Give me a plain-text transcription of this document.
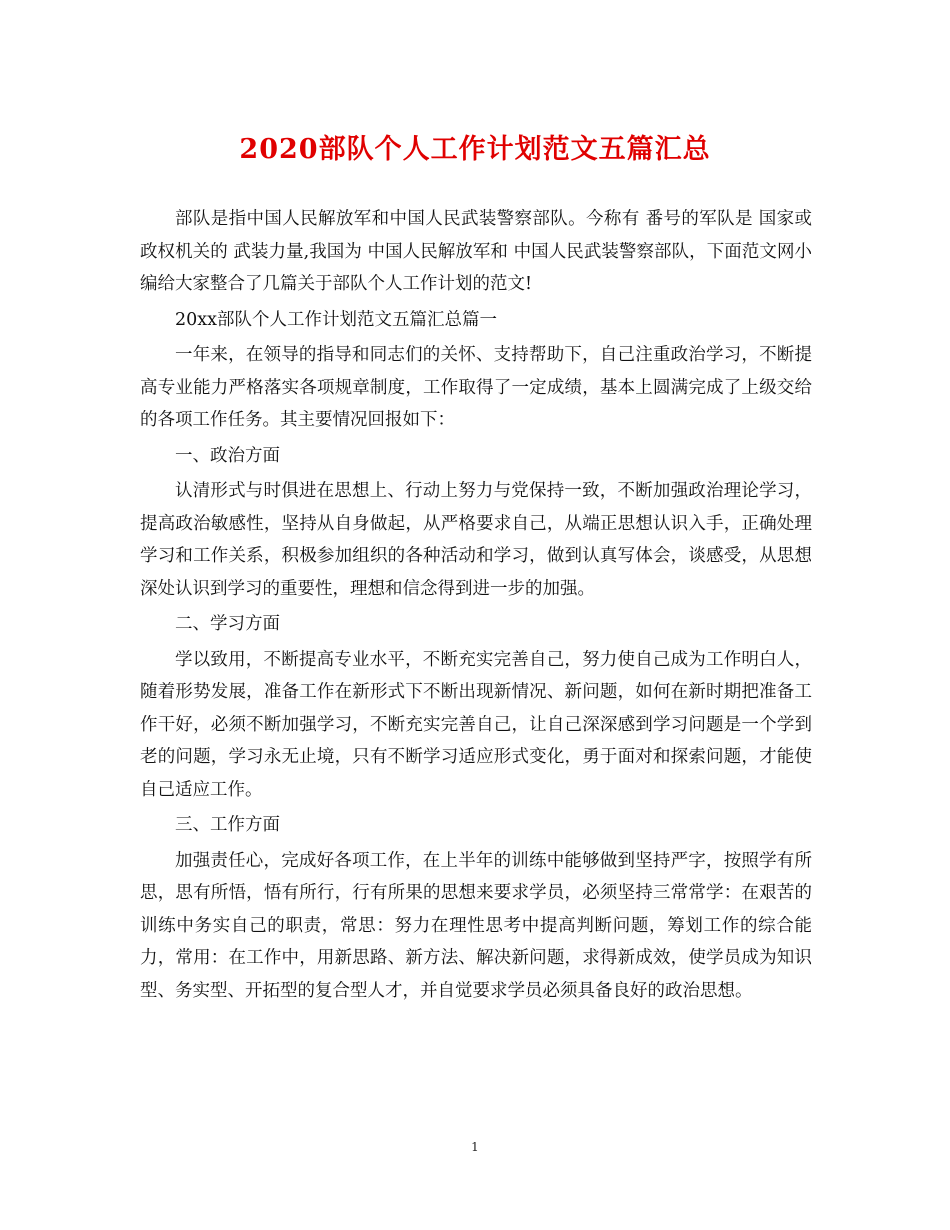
2020部队个人工作计划范文五篇汇总

部队是指中国人民解放军和中国人民武装警察部队。今称有 番号的军队是 国家或政权机关的 武装力量,我国为 中国人民解放军和 中国人民武装警察部队，下面范文网小编给大家整合了几篇关于部队个人工作计划的范文!

20xx部队个人工作计划范文五篇汇总篇一

一年来，在领导的指导和同志们的关怀、支持帮助下，自己注重政治学习，不断提高专业能力严格落实各项规章制度，工作取得了一定成绩，基本上圆满完成了上级交给的各项工作任务。其主要情况回报如下：

一、政治方面

认清形式与时俱进在思想上、行动上努力与党保持一致，不断加强政治理论学习，提高政治敏感性，坚持从自身做起，从严格要求自己，从端正思想认识入手，正确处理学习和工作关系，积极参加组织的各种活动和学习，做到认真写体会，谈感受，从思想深处认识到学习的重要性，理想和信念得到进一步的加强。

二、学习方面

学以致用，不断提高专业水平，不断充实完善自己，努力使自己成为工作明白人，随着形势发展，准备工作在新形式下不断出现新情况、新问题，如何在新时期把准备工作干好，必须不断加强学习，不断充实完善自己，让自己深深感到学习问题是一个学到老的问题，学习永无止境，只有不断学习适应形式变化，勇于面对和探索问题，才能使自己适应工作。

三、工作方面

加强责任心，完成好各项工作，在上半年的训练中能够做到坚持严字，按照学有所思，思有所悟，悟有所行，行有所果的思想来要求学员，必须坚持三常常学：在艰苦的训练中务实自己的职责，常思：努力在理性思考中提高判断问题，筹划工作的综合能力，常用：在工作中，用新思路、新方法、解决新问题，求得新成效，使学员成为知识型、务实型、开拓型的复合型人才，并自觉要求学员必须具备良好的政治思想。

1
